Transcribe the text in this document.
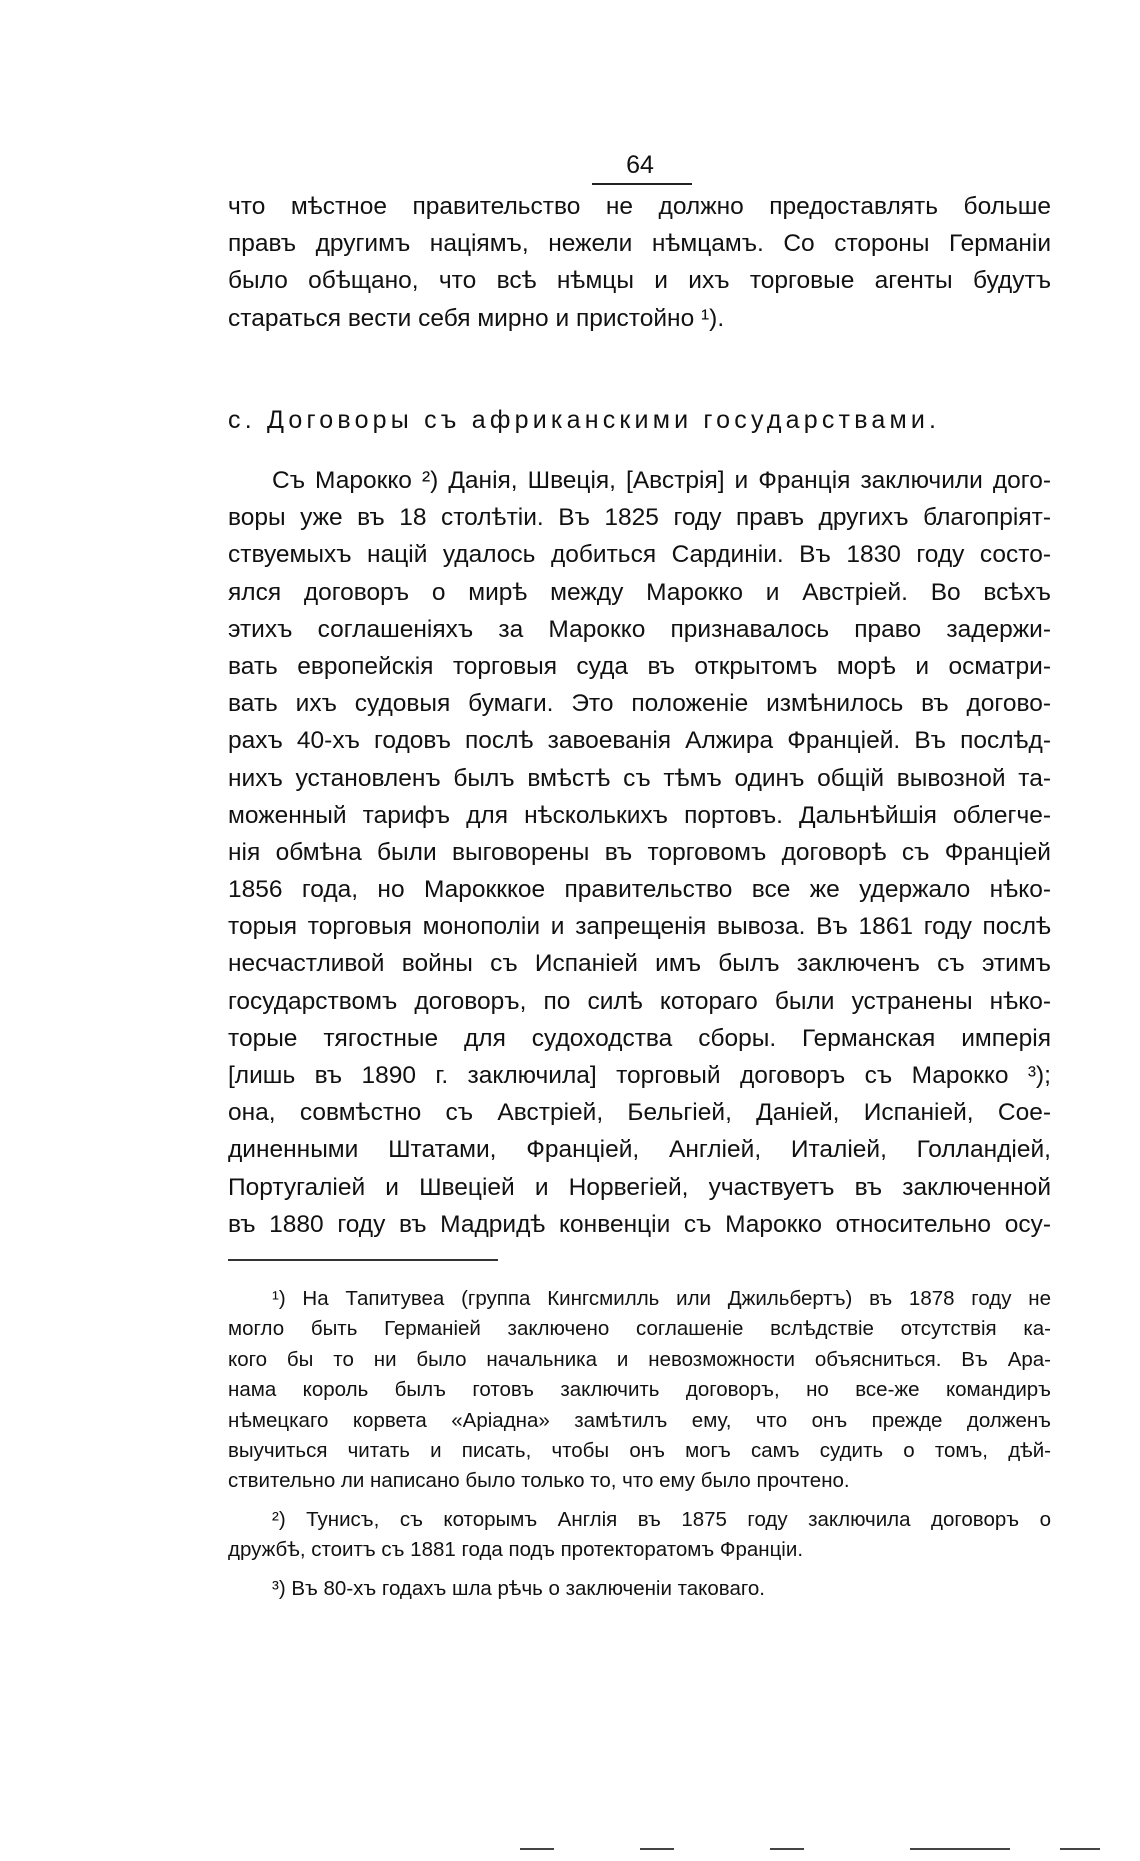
64
что мѣстное правительство не должно предоставлять больше
правъ другимъ націямъ, нежели нѣмцамъ. Со стороны Германіи
было обѣщано, что всѣ нѣмцы и ихъ торговые агенты будутъ
стараться вести себя мирно и пристойно ¹).
c. Договоры съ африканскими государствами.
Съ Марокко ²) Данія, Швеція, [Австрія] и Франція заключили дого-
воры уже въ 18 столѣтіи. Въ 1825 году правъ другихъ благопріят-
ствуемыхъ націй удалось добиться Сардиніи. Въ 1830 году состо-
ялся договоръ о мирѣ между Марокко и Австріей. Во всѣхъ
этихъ соглашеніяхъ за Марокко признавалось право задержи-
вать европейскія торговыя суда въ открытомъ морѣ и осматри-
вать ихъ судовыя бумаги. Это положеніе измѣнилось въ догово-
рахъ 40-хъ годовъ послѣ завоеванія Алжира Франціей. Въ послѣд-
нихъ установленъ былъ вмѣстѣ съ тѣмъ одинъ общій вывозной та-
моженный тарифъ для нѣсколькихъ портовъ. Дальнѣйшія облегче-
нія обмѣна были выговорены въ торговомъ договорѣ съ Франціей
1856 года, но Марокккое правительство все же удержало нѣко-
торыя торговыя монополіи и запрещенія вывоза. Въ 1861 году послѣ
несчастливой войны съ Испаніей имъ былъ заключенъ съ этимъ
государствомъ договоръ, по силѣ котораго были устранены нѣко-
торые тягостные для судоходства сборы. Германская имперія
[лишь въ 1890 г. заключила] торговый договоръ съ Марокко ³);
она, совмѣстно съ Австріей, Бельгіей, Даніей, Испаніей, Сое-
диненными Штатами, Франціей, Англіей, Италіей, Голландіей,
Португаліей и Швеціей и Норвегіей, участвуетъ въ заключенной
въ 1880 году въ Мадридѣ конвенціи съ Марокко относительно осу-
¹) На Тапитувеа (группа Кингсмилль или Джильбертъ) въ 1878 году не
могло быть Германіей заключено соглашеніе вслѣдствіе отсутствія ка-
кого бы то ни было начальника и невозможности объясниться. Въ Ара-
нама король былъ готовъ заключить договоръ, но все-же командиръ
нѣмецкаго корвета «Аріадна» замѣтилъ ему, что онъ прежде долженъ
выучиться читать и писать, чтобы онъ могъ самъ судить о томъ, дѣй-
ствительно ли написано было только то, что ему было прочтено.
²) Тунисъ, съ которымъ Англія въ 1875 году заключила договоръ о
дружбѣ, стоитъ съ 1881 года подъ протекторатомъ Франціи.
³) Въ 80-хъ годахъ шла рѣчь о заключеніи таковаго.
